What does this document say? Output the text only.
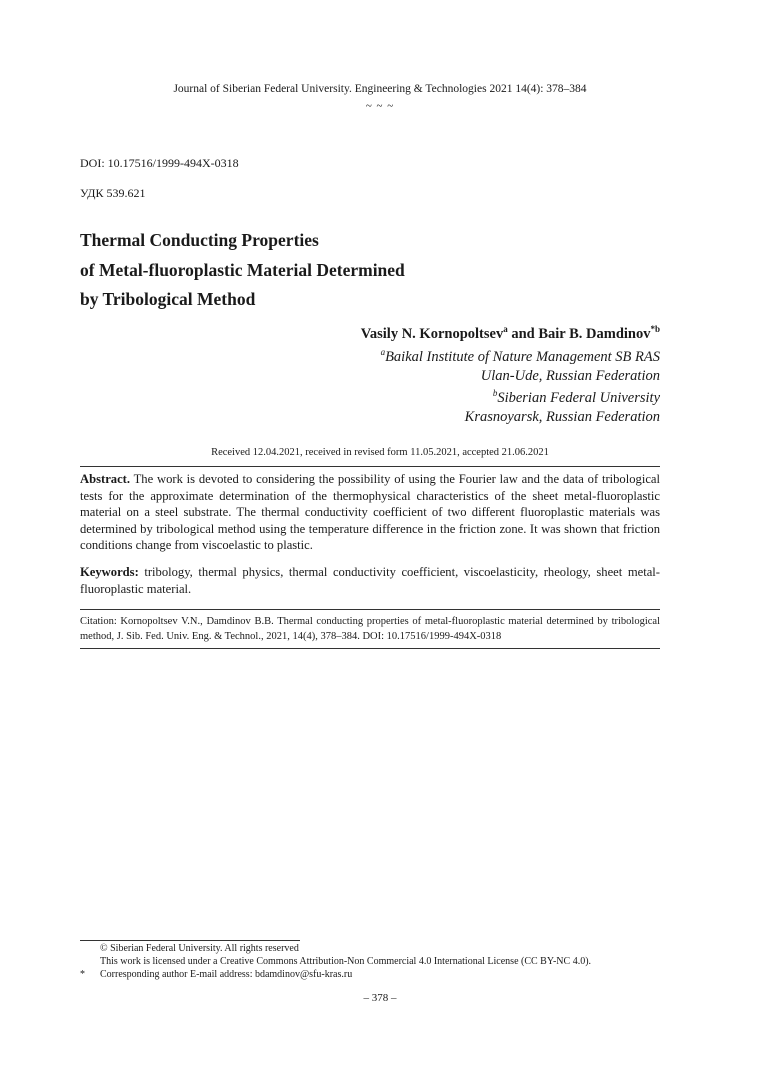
Journal of Siberian Federal University. Engineering & Technologies 2021 14(4): 378–384
~ ~ ~
DOI: 10.17516/1999-494X-0318
УДК 539.621
Thermal Conducting Properties
of Metal-fluoroplastic Material Determined
by Tribological Method
Vasily N. Kornopoltsev$^a$ and Bair B. Damdinov$^{*b}$
$^a$Baikal Institute of Nature Management SB RAS
Ulan-Ude, Russian Federation
$^b$Siberian Federal University
Krasnoyarsk, Russian Federation
Received 12.04.2021, received in revised form 11.05.2021, accepted 21.06.2021
Abstract. The work is devoted to considering the possibility of using the Fourier law and the data of tribological tests for the approximate determination of the thermophysical characteristics of the sheet metal-fluoroplastic material on a steel substrate. The thermal conductivity coefficient of two different fluoroplastic materials was determined by tribological method using the temperature difference in the friction zone. It was shown that friction conditions change from viscoelastic to plastic.
Keywords: tribology, thermal physics, thermal conductivity coefficient, viscoelasticity, rheology, sheet metal-fluoroplastic material.
Citation: Kornopoltsev V.N., Damdinov B.B. Thermal conducting properties of metal-fluoroplastic material determined by tribological method, J. Sib. Fed. Univ. Eng. & Technol., 2021, 14(4), 378–384. DOI: 10.17516/1999-494X-0318
© Siberian Federal University. All rights reserved
This work is licensed under a Creative Commons Attribution-Non Commercial 4.0 International License (CC BY-NC 4.0).
* Corresponding author E-mail address: bdamdinov@sfu-kras.ru
– 378 –
